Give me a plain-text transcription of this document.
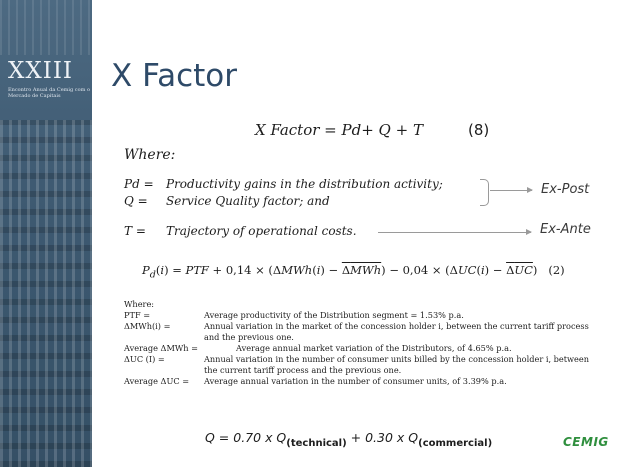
XXIII
Encontro Anual da Cemig com o Mercado de Capitais
X Factor
X Factor = Pd+ Q + T	(8)
Where:
Pd = Productivity gains in the distribution activity;
Q = Service Quality factor; and
T = Trajectory of operational costs.
Ex-Post
Ex-Ante
$P_d(i)$ = PTF + 0,14 × (ΔMWh(i) − ΔMWh) − 0,04 × (ΔUC(i) − ΔUC)   (2)
Where:
PTF =	Average productivity of the Distribution segment = 1.53% p.a.
ΔMWh(i) =	Annual variation in the market of the concession holder i, between the current tariff process and the previous one.
Average ΔMWh =	Average annual market variation of the Distributors, of 4.65% p.a.
ΔUC (I) =	Annual variation in the number of consumer units billed by the concession holder i, between the current tariff process and the previous one.
Average ΔUC = Average annual variation in the number of consumer units, of 3.39% p.a.
Q = 0.70 x $Q_{(technical)} + 0.30$ x $Q_{(commercial)}$	CEMIG
